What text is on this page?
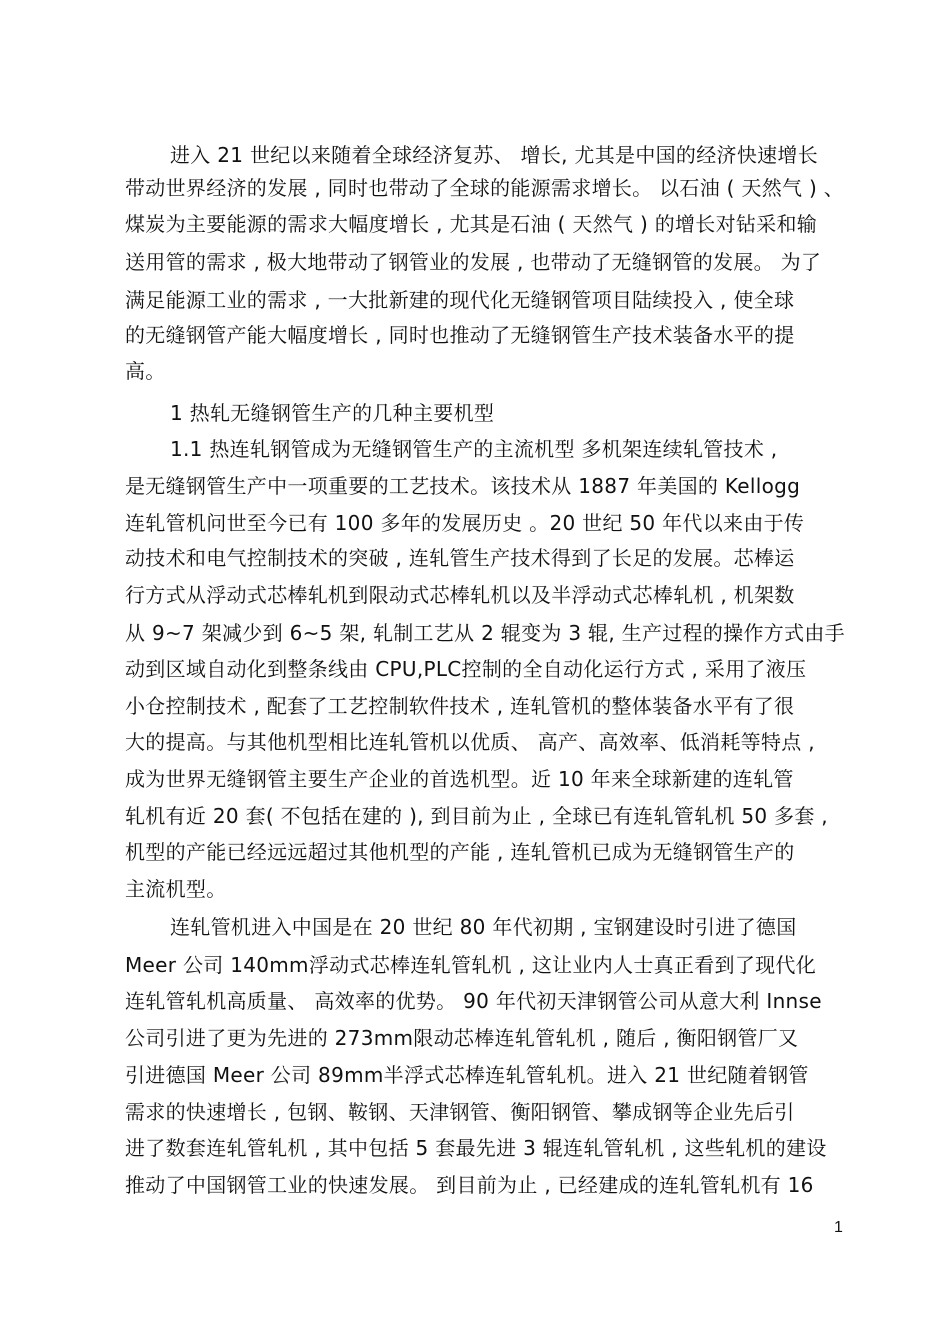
进入 21 世纪以来随着全球经济复苏、 增长, 尤其是中国的经济快速增长
带动世界经济的发展 , 同时也带动了全球的能源需求增长。 以石油 ( 天然气 ) 、
煤炭为主要能源的需求大幅度增长 , 尤其是石油 ( 天然气 ) 的增长对钻采和输
送用管的需求 , 极大地带动了钢管业的发展 , 也带动了无缝钢管的发展。 为了
满足能源工业的需求 , 一大批新建的现代化无缝钢管项目陆续投入 , 使全球
的无缝钢管产能大幅度增长 , 同时也推动了无缝钢管生产技术装备水平的提
高。
1 热轧无缝钢管生产的几种主要机型
1.1 热连轧钢管成为无缝钢管生产的主流机型 多机架连续轧管技术 ,
是无缝钢管生产中一项重要的工艺技术。该技术从 1887 年美国的 Kellogg
连轧管机问世至今已有 100 多年的发展历史 。20 世纪 50 年代以来由于传
动技术和电气控制技术的突破 , 连轧管生产技术得到了长足的发展。芯棒运
行方式从浮动式芯棒轧机到限动式芯棒轧机以及半浮动式芯棒轧机 , 机架数
从 9~7 架减少到 6~5 架, 轧制工艺从 2 辊变为 3 辊, 生产过程的操作方式由手
动到区域自动化到整条线由 CPU,PLC控制的全自动化运行方式 , 采用了液压
小仓控制技术 , 配套了工艺控制软件技术 , 连轧管机的整体装备水平有了很
大的提高。与其他机型相比连轧管机以优质、 高产、高效率、低消耗等特点 ,
成为世界无缝钢管主要生产企业的首选机型。近 10 年来全球新建的连轧管
轧机有近 20 套( 不包括在建的 ), 到目前为止 , 全球已有连轧管轧机 50 多套 ,
机型的产能已经远远超过其他机型的产能 , 连轧管机已成为无缝钢管生产的
主流机型。
连轧管机进入中国是在 20 世纪 80 年代初期 , 宝钢建设时引进了德国
Meer 公司 140mm浮动式芯棒连轧管轧机 , 这让业内人士真正看到了现代化
连轧管轧机高质量、 高效率的优势。 90 年代初天津钢管公司从意大利 Innse
公司引进了更为先进的 273mm限动芯棒连轧管轧机 , 随后 , 衡阳钢管厂又
引进德国 Meer 公司 89mm半浮式芯棒连轧管轧机。进入 21 世纪随着钢管
需求的快速增长 , 包钢、鞍钢、天津钢管、衡阳钢管、攀成钢等企业先后引
进了数套连轧管轧机 , 其中包括 5 套最先进 3 辊连轧管轧机 , 这些轧机的建设
推动了中国钢管工业的快速发展。 到目前为止 , 已经建成的连轧管轧机有 16
1
